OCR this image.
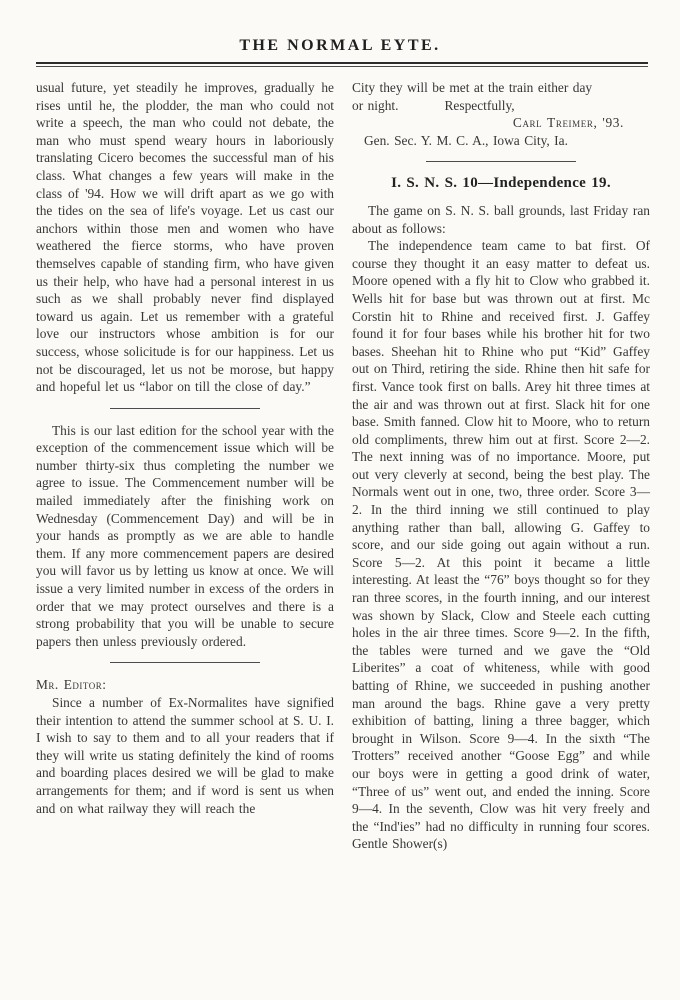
THE NORMAL EYTE.

usual future, yet steadily he improves, gradually he rises until he, the plodder, the man who could not write a speech, the man who could not debate, the man who must spend weary hours in laboriously translating Cicero becomes the successful man of his class. What changes a few years will make in the class of '94. How we will drift apart as we go with the tides on the sea of life's voyage. Let us cast our anchors within those men and women who have weathered the fierce storms, who have proven themselves capable of standing firm, who have given us their help, who have had a personal interest in us such as we shall probably never find displayed toward us again. Let us remember with a grateful love our instructors whose ambition is for our success, whose solicitude is for our happiness. Let us not be discouraged, let us not be morose, but happy and hopeful let us “labor on till the close of day.”

This is our last edition for the school year with the exception of the commencement issue which will be number thirty-six thus completing the number we agree to issue. The Commencement number will be mailed immediately after the finishing work on Wednesday (Commencement Day) and will be in your hands as promptly as we are able to handle them. If any more commencement papers are desired you will favor us by letting us know at once. We will issue a very limited number in excess of the orders in order that we may protect ourselves and there is a strong probability that you will be unable to secure papers then unless previously ordered.

Mr. Editor:

Since a number of Ex-Normalites have signified their intention to attend the summer school at S. U. I. I wish to say to them and to all your readers that if they will write us stating definitely the kind of rooms and boarding places desired we will be glad to make arrangements for them; and if word is sent us when and on what railway they will reach the

City they will be met at the train either day

or night.	Respectfully,

Carl Treimer, '93.

Gen. Sec. Y. M. C. A., Iowa City, Ia.

I. S. N. S. 10—Independence 19.

The game on S. N. S. ball grounds, last Friday ran about as follows:

The independence team came to bat first. Of course they thought it an easy matter to defeat us. Moore opened with a fly hit to Clow who grabbed it. Wells hit for base but was thrown out at first. Mc Corstin hit to Rhine and received first. J. Gaffey found it for four bases while his brother hit for two bases. Sheehan hit to Rhine who put “Kid” Gaffey out on Third, retiring the side. Rhine then hit safe for first. Vance took first on balls. Arey hit three times at the air and was thrown out at first. Slack hit for one base. Smith fanned. Clow hit to Moore, who to return old compliments, threw him out at first. Score 2—2. The next inning was of no importance. Moore, put out very cleverly at second, being the best play. The Normals went out in one, two, three order. Score 3—2. In the third inning we still continued to play anything rather than ball, allowing G. Gaffey to score, and our side going out again without a run. Score 5—2. At this point it became a little interesting. At least the “76” boys thought so for they ran three scores, in the fourth inning, and our interest was shown by Slack, Clow and Steele each cutting holes in the air three times. Score 9—2. In the fifth, the tables were turned and we gave the “Old Liberites” a coat of whiteness, while with good batting of Rhine, we succeeded in pushing another man around the bags. Rhine gave a very pretty exhibition of batting, lining a three bagger, which brought in Wilson. Score 9—4. In the sixth “The Trotters” received another “Goose Egg” and while our boys were in getting a good drink of water, “Three of us” went out, and ended the inning. Score 9—4. In the seventh, Clow was hit very freely and the “Ind'ies” had no difficulty in running four scores. Gentle Shower(s)
